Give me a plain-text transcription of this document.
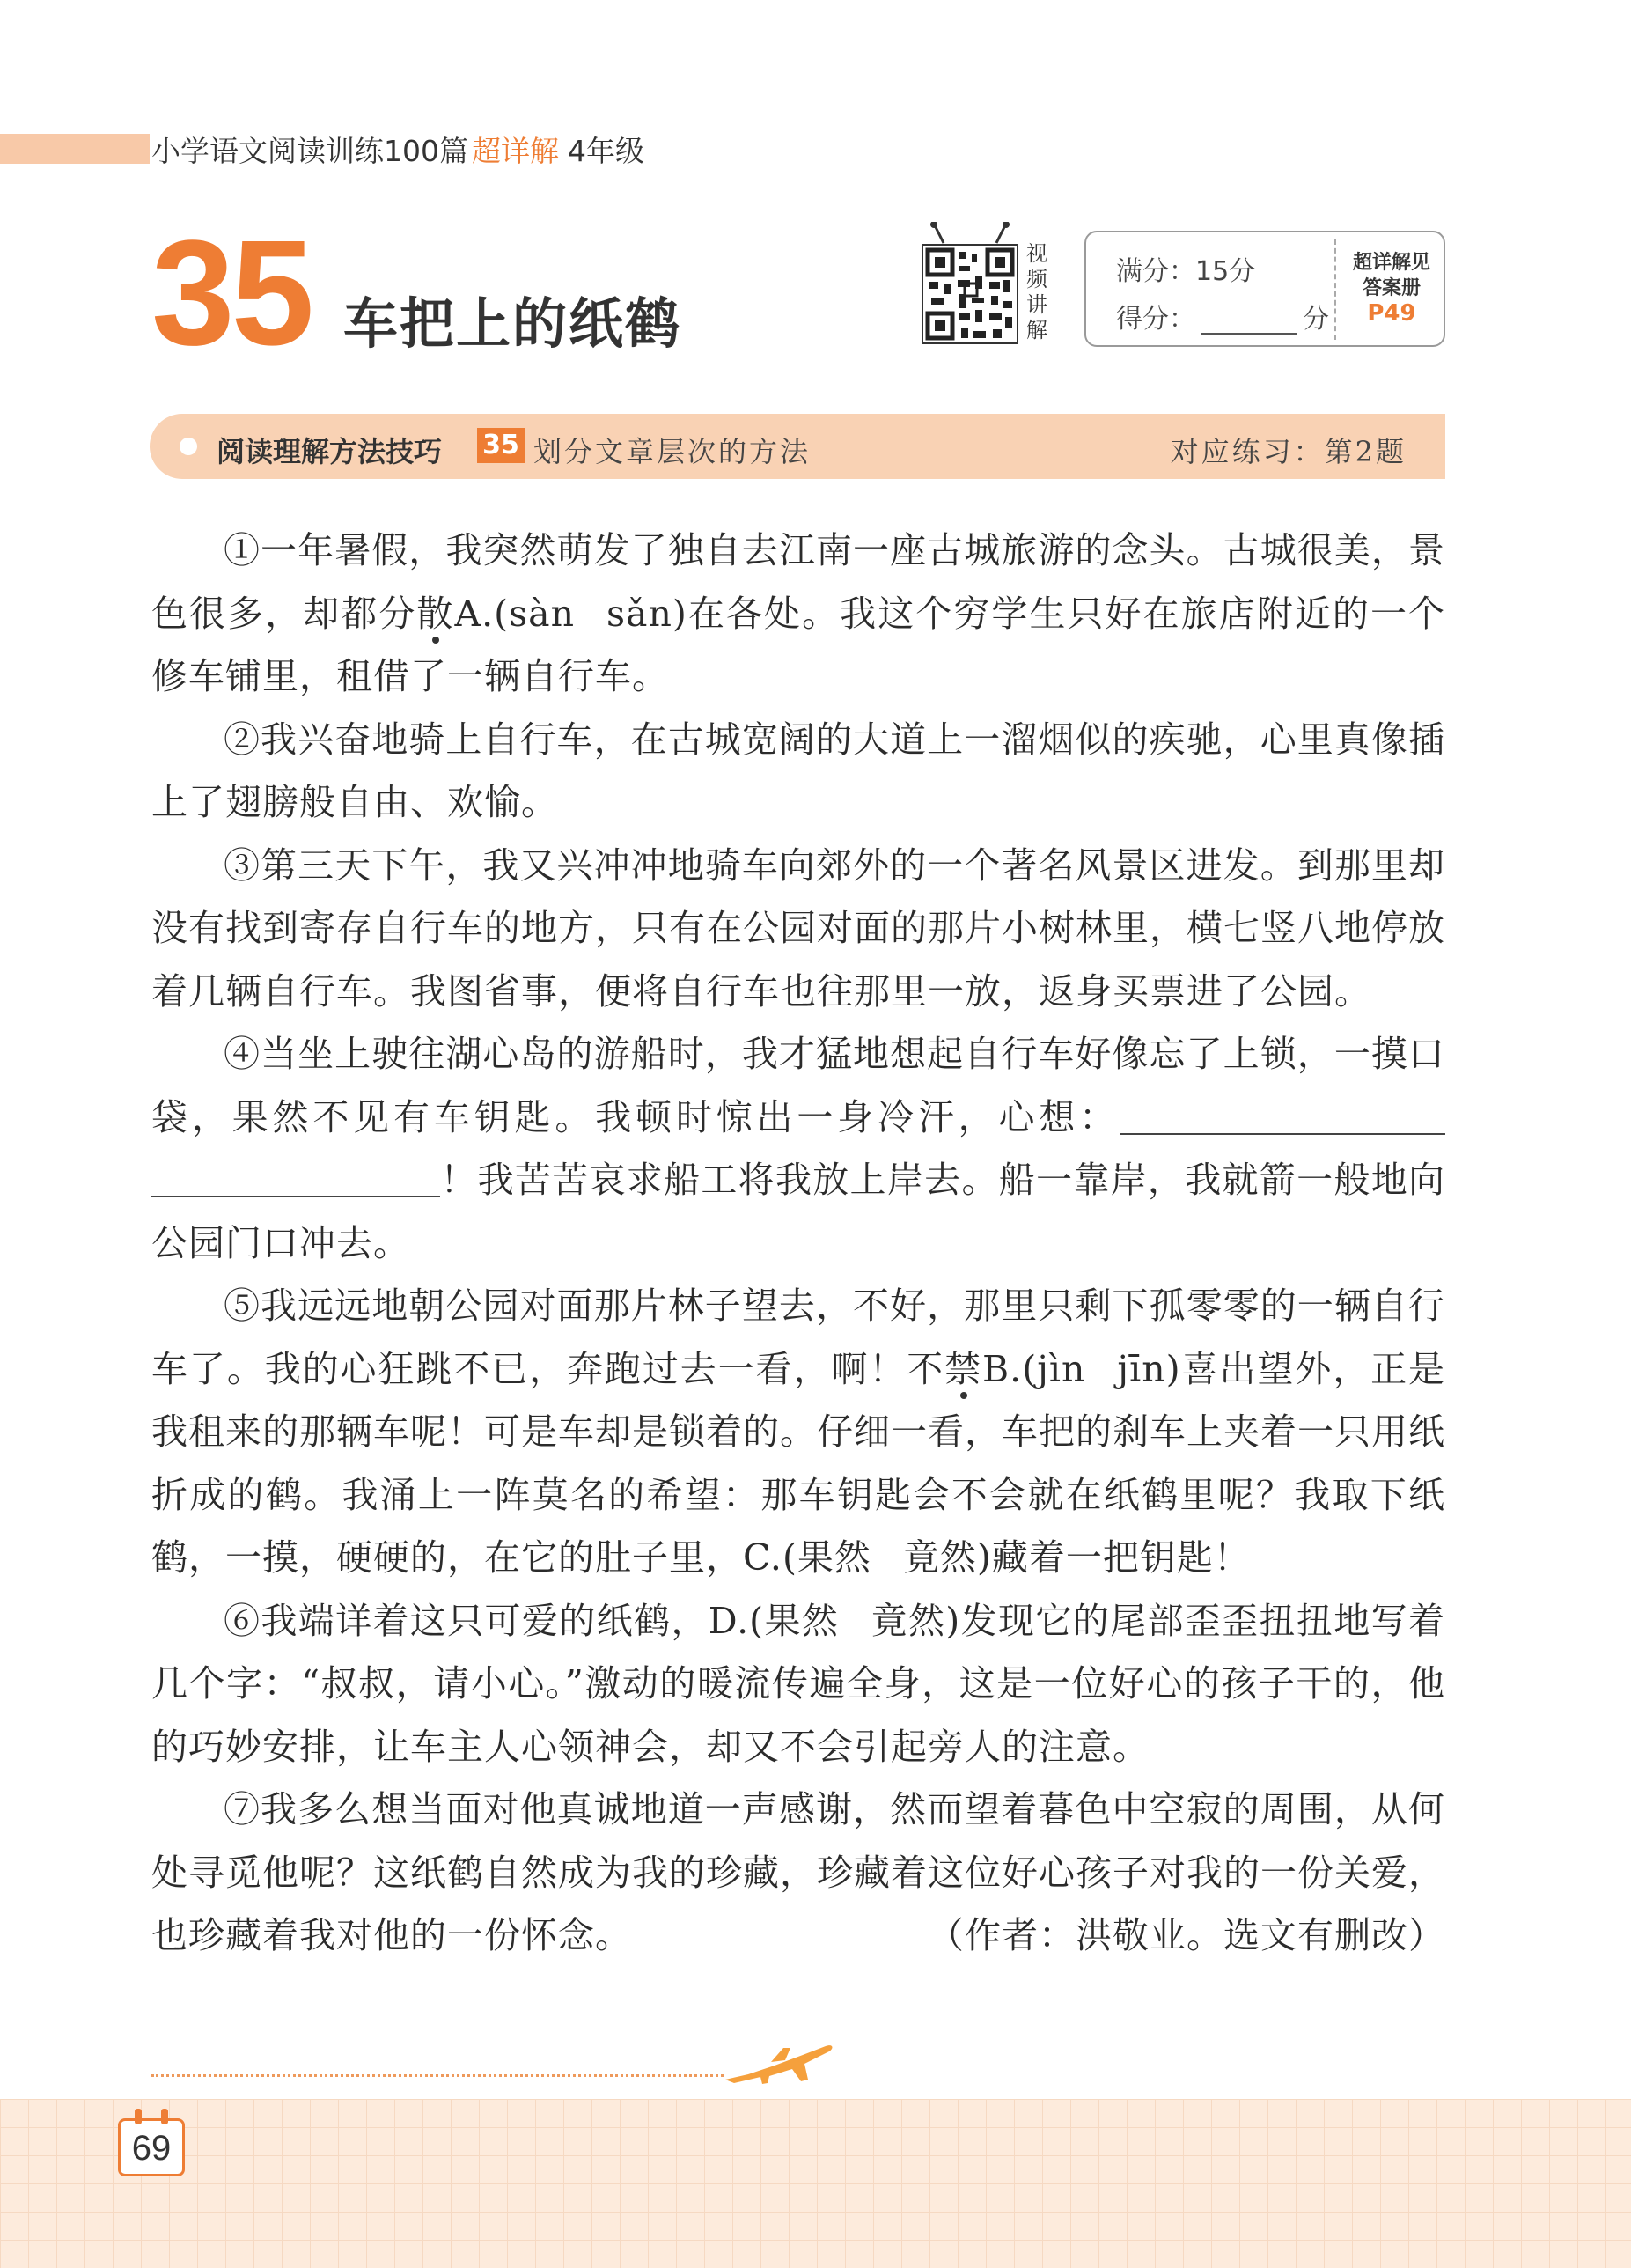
小学语文阅读训练100篇 超详解 4年级
35 车把上的纸鹤
视频讲解
满分：15分
得分：	分
超详解见
答案册
P49
阅读理解方法技巧 35 划分文章层次的方法	对应练习：第2题

①一年暑假，我突然萌发了独自去江南一座古城旅游的念头。古城很美，景色很多，却都分散A.(sàn sǎn)在各处。我这个穷学生只好在旅店附近的一个修车铺里，租借了一辆自行车。

②我兴奋地骑上自行车，在古城宽阔的大道上一溜烟似的疾驰，心里真像插上了翅膀般自由、欢愉。

③第三天下午，我又兴冲冲地骑车向郊外的一个著名风景区进发。到那里却没有找到寄存自行车的地方，只有在公园对面的那片小树林里，横七竖八地停放着几辆自行车。我图省事，便将自行车也往那里一放，返身买票进了公园。

④当坐上驶往湖心岛的游船时，我才猛地想起自行车好像忘了上锁，一摸口袋，果然不见有车钥匙。我顿时惊出一身冷汗，心想：！我苦苦哀求船工将我放上岸去。船一靠岸，我就箭一般地向公园门口冲去。

⑤我远远地朝公园对面那片林子望去，不好，那里只剩下孤零零的一辆自行车了。我的心狂跳不已，奔跑过去一看，啊！不禁B.(jìn jīn)喜出望外，正是我租来的那辆车呢！可是车却是锁着的。仔细一看，车把的刹车上夹着一只用纸折成的鹤。我涌上一阵莫名的希望：那车钥匙会不会就在纸鹤里呢？我取下纸鹤，一摸，硬硬的，在它的肚子里，C.(果然 竟然)藏着一把钥匙！

⑥我端详着这只可爱的纸鹤，D.(果然 竟然)发现它的尾部歪歪扭扭地写着几个字：“叔叔，请小心。”激动的暖流传遍全身，这是一位好心的孩子干的，他的巧妙安排，让车主人心领神会，却又不会引起旁人的注意。

⑦我多么想当面对他真诚地道一声感谢，然而望着暮色中空寂的周围，从何处寻觅他呢？这纸鹤自然成为我的珍藏，珍藏着这位好心孩子对我的一份关爱，也珍藏着我对他的一份怀念。	（作者：洪敬业。选文有删改）

69
